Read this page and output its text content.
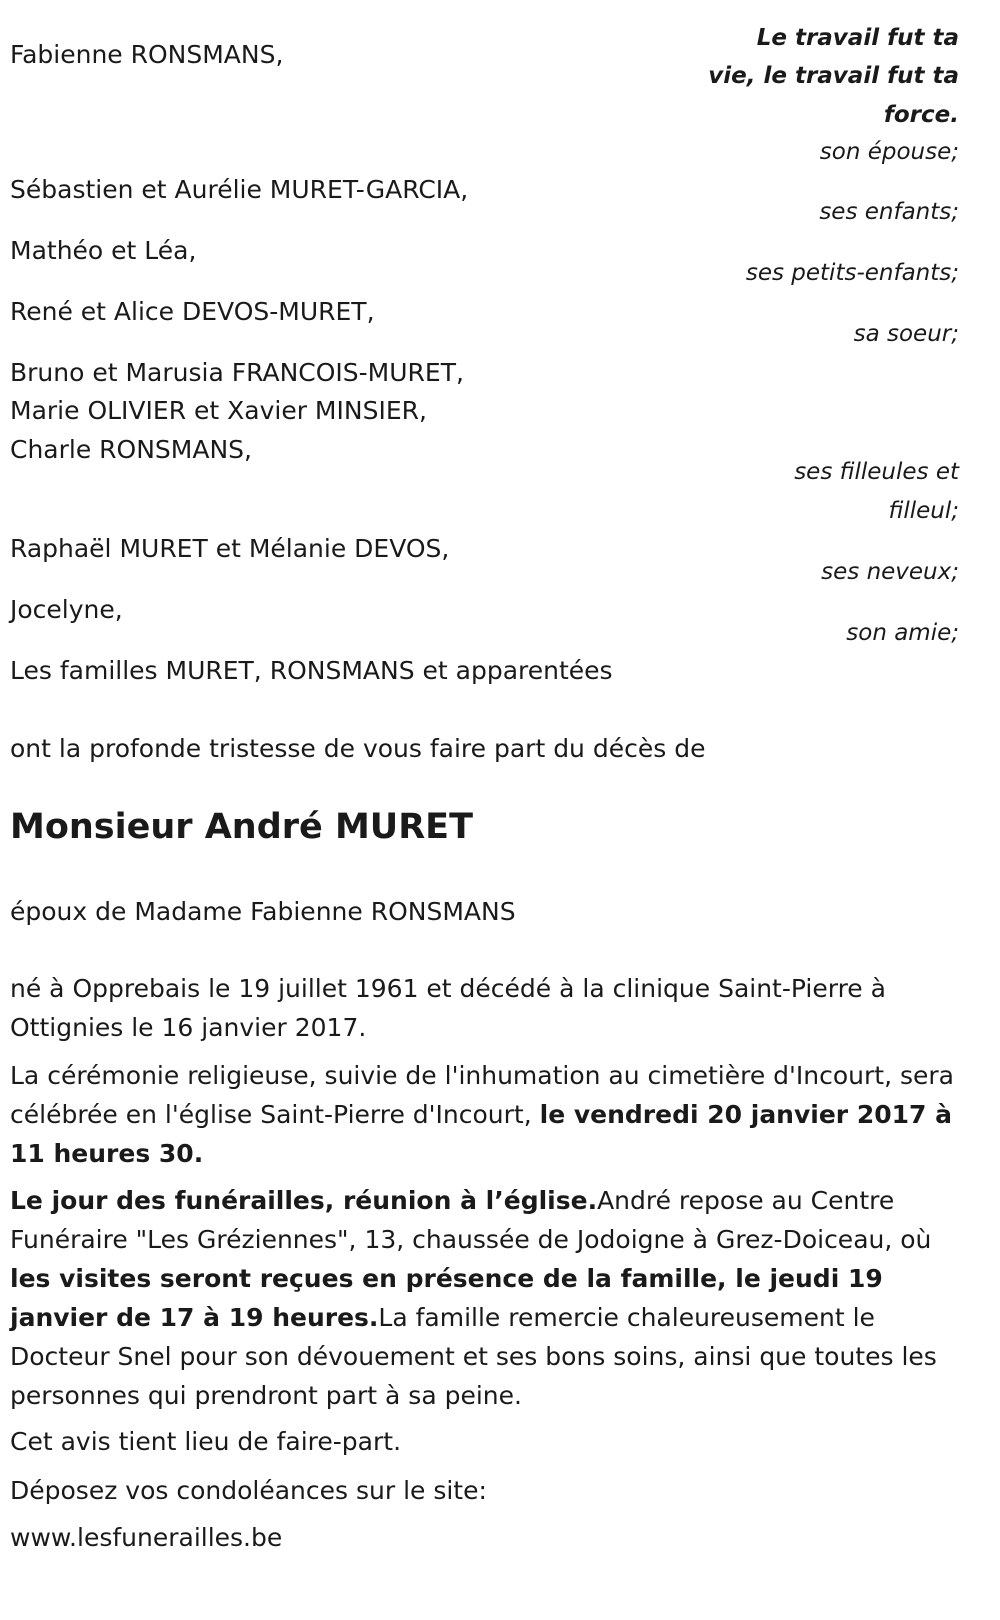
Le travail fut ta
vie, le travail fut ta
force.
Fabienne RONSMANS,
Sébastien et Aurélie MURET-GARCIA,
Mathéo et Léa,
René et Alice DEVOS-MURET,
Bruno et Marusia FRANCOIS-MURET,
Marie OLIVIER et Xavier MINSIER,
Charle RONSMANS,
Raphaël MURET et Mélanie DEVOS,
Jocelyne,
Les familles MURET, RONSMANS et apparentées
son épouse;
ses enfants;
ses petits-enfants;
sa soeur;
ses filleules et
filleul;
ses neveux;
son amie;
ont la profonde tristesse de vous faire part du décès de
Monsieur André MURET
époux de Madame Fabienne RONSMANS
né à Opprebais le 19 juillet 1961 et décédé à la clinique Saint-Pierre à Ottignies le 16 janvier 2017.
La cérémonie religieuse, suivie de l'inhumation au cimetière d'Incourt, sera célébrée en l'église Saint-Pierre d'Incourt, le vendredi 20 janvier 2017 à 11 heures 30.
Le jour des funérailles, réunion à l’église.André repose au Centre Funéraire "Les Gréziennes", 13, chaussée de Jodoigne à Grez-Doiceau, où les visites seront reçues en présence de la famille, le jeudi 19 janvier de 17 à 19 heures.La famille remercie chaleureusement le Docteur Snel pour son dévouement et ses bons soins, ainsi que toutes les personnes qui prendront part à sa peine.
Cet avis tient lieu de faire-part.
Déposez vos condoléances sur le site:
www.lesfunerailles.be
